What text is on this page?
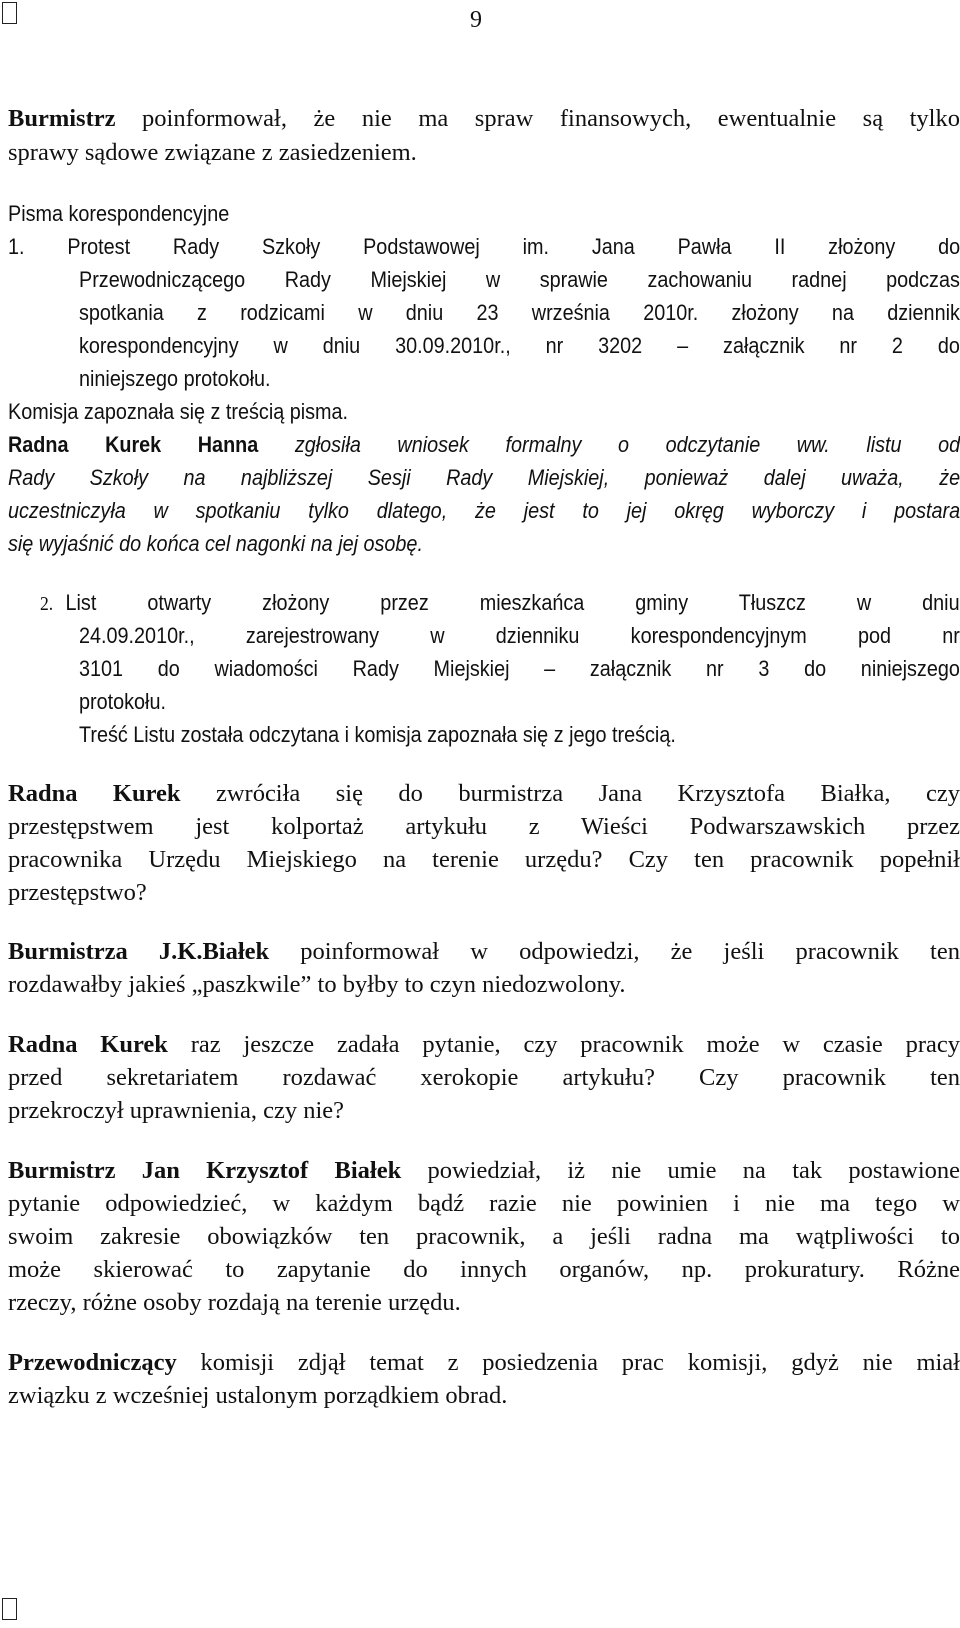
9
Burmistrz poinformował, że nie ma spraw finansowych, ewentualnie są tylko
sprawy sądowe związane z zasiedzeniem.
Pisma korespondencyjne
1. Protest Rady Szkoły Podstawowej im. Jana Pawła II złożony do
Przewodniczącego Rady Miejskiej w sprawie zachowaniu radnej podczas
spotkania z rodzicami w dniu 23 września 2010r. złożony na dziennik
korespondencyjny w dniu 30.09.2010r., nr 3202 – załącznik nr 2 do
niniejszego protokołu.
Komisja zapoznała się z treścią pisma.
Radna Kurek Hanna zgłosiła wniosek formalny o odczytanie ww. listu od
Rady Szkoły na najbliższej Sesji Rady Miejskiej, ponieważ dalej uważa, że
uczestniczyła w spotkaniu tylko dlatego, że jest to jej okręg wyborczy i postara
się wyjaśnić do końca cel nagonki na jej osobę.
2. List otwarty złożony przez mieszkańca gminy Tłuszcz w dniu
24.09.2010r., zarejestrowany w dzienniku korespondencyjnym pod nr
3101 do wiadomości Rady Miejskiej – załącznik nr 3 do niniejszego
protokołu.
Treść Listu została odczytana i komisja zapoznała się z jego treścią.
Radna Kurek zwróciła się do burmistrza Jana Krzysztofa Białka, czy
przestępstwem jest kolportaż artykułu z Wieści Podwarszawskich przez
pracownika Urzędu Miejskiego na terenie urzędu? Czy ten pracownik popełnił
przestępstwo?
Burmistrza J.K.Białek poinformował w odpowiedzi, że jeśli pracownik ten
rozdawałby jakieś „paszkwile” to byłby to czyn niedozwolony.
Radna Kurek raz jeszcze zadała pytanie, czy pracownik może w czasie pracy
przed sekretariatem rozdawać xerokopie artykułu? Czy pracownik ten
przekroczył uprawnienia, czy nie?
Burmistrz Jan Krzysztof Białek powiedział, iż nie umie na tak postawione
pytanie odpowiedzieć, w każdym bądź razie nie powinien i nie ma tego w
swoim zakresie obowiązków ten pracownik, a jeśli radna ma wątpliwości to
może skierować to zapytanie do innych organów, np. prokuratury. Różne
rzeczy, różne osoby rozdają na terenie urzędu.
Przewodniczący komisji zdjął temat z posiedzenia prac komisji, gdyż nie miał
związku z wcześniej ustalonym porządkiem obrad.
